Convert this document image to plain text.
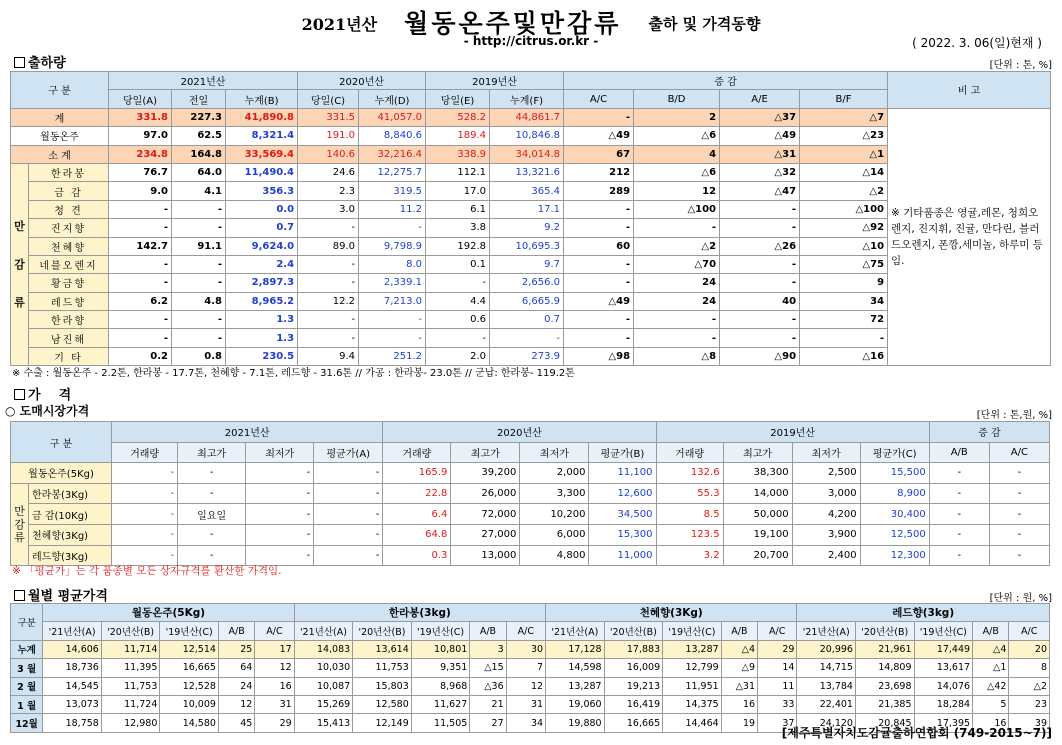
2021년산 월동온주및만감류 출하 및 가격동향
- http://citrus.or.kr -	( 2022. 3. 06(일)현재 )
출하량	[단위 : 톤, %]
구 분		2021년산			2020년산		2019년산		증 감				비 고
		당일(A)	전일	누계(B)	당일(C)	누계(D)	당일(E)	누계(F)	A/C	B/D	A/E	B/F	
계		331.8	227.3	41,890.8	331.5	41,057.0	528.2	44,861.7	-	2	△37	△7	※ 기타품종은 영귤,레몬, 청희오렌지, 진지휘, 진귤, 만다린, 블러드오렌지, 폰깡,세미놀, 하루미 등 임.
월동온주		97.0	62.5	8,321.4	191.0	8,840.6	189.4	10,846.8	△49	△6	△49	△23	
소 계		234.8	164.8	33,569.4	140.6	32,216.4	338.9	34,014.8	67	4	△31	△1	

만
감
류	한라봉	76.7	64.0	11,490.4	24.6	12,275.7	112.1	13,321.6	212	△6	△32	△14	
	금 감	9.0	4.1	356.3	2.3	319.5	17.0	365.4	289	12	△47	△2	
	청 견	-	-	0.0	3.0	11.2	6.1	17.1	-	△100	-	△100	
	진지향	-	-	0.7	-	-	3.8	9.2	-	-	-	△92	
	천혜향	142.7	91.1	9,624.0	89.0	9,798.9	192.8	10,695.3	60	△2	△26	△10	
	네블오렌지	-	-	2.4	-	8.0	0.1	9.7	-	△70	-	△75	
	황금향	-	-	2,897.3	-	2,339.1	-	2,656.0	-	24	-	9	
	레드향	6.2	4.8	8,965.2	12.2	7,213.0	4.4	6,665.9	△49	24	40	34	
	한라향	-	-	1.3	-	-	0.6	0.7	-	-	-	72	
	남진해	-	-	1.3	-	-	-	-	-	-	-	-	
	기 타	0.2	0.8	230.5	9.4	251.2	2.0	273.9	△98	△8	△90	△16	
※ 수출 : 월동온주 - 2.2톤, 한라봉 - 17.7톤, 천혜향 - 7.1톤, 레드향 - 31.6톤 // 가공 : 한라봉- 23.0톤 // 군납: 한라봉- 119.2톤
가    격
○ 도매시장가격	[단위 : 톤,원, %]
구 분		2021년산				2020년산				2019년산				증 감	
		거래량	최고가	최저가	평균가(A)	거래량	최고가	최저가	평균가(B)	거래량	최고가	최저가	평균가(C)	A/B	A/C
월동온주(5Kg)		-	-	-	-	165.9	39,200	2,000	11,100	132.6	38,300	2,500	15,500	-	-

만
감
류	한라봉(3Kg)	-	-	-	-	22.8	26,000	3,300	12,600	55.3	14,000	3,000	8,900	-	-
	금 감(10Kg)	-	일요일	-	-	6.4	72,000	10,200	34,500	8.5	50,000	4,200	30,400	-	-
	천혜향(3Kg)	-	-	-	-	64.8	27,000	6,000	15,300	123.5	19,100	3,900	12,500	-	-
	레드향(3Kg)	-	-	-	-	0.3	13,000	4,800	11,000	3.2	20,700	2,400	12,300	-	-
※ 「평균가」는 각 품종별 모든 상자규격를 환산한 가격임.
월별 평균가격	[단위 : 원, %]
구분	월동온주(5Kg)					한라봉(3kg)					천혜향(3Kg)					레드향(3kg)				
	'21년산(A)	'20년산(B)	'19년산(C)	A/B	A/C	'21년산(A)	'20년산(B)	'19년산(C)	A/B	A/C	'21년산(A)	'20년산(B)	'19년산(C)	A/B	A/C	'21년산(A)	'20년산(B)	'19년산(C)	A/B	A/C
누계	14,606	11,714	12,514	25	17	14,083	13,614	10,801	3	30	17,128	17,883	13,287	△4	29	20,996	21,961	17,449	△4	20
3 월	18,736	11,395	16,665	64	12	10,030	11,753	9,351	△15	7	14,598	16,009	12,799	△9	14	14,715	14,809	13,617	△1	8
2 월	14,545	11,753	12,528	24	16	10,087	15,803	8,968	△36	12	13,287	19,213	11,951	△31	11	13,784	23,698	14,076	△42	△2
1 월	13,073	11,724	10,009	12	31	15,269	12,580	11,627	21	31	19,060	16,419	14,375	16	33	22,401	21,385	18,284	5	23
12월	18,758	12,980	14,580	45	29	15,413	12,149	11,505	27	34	19,880	16,665	14,464	19	37	24,120	20,845	17,395	16	39
[제주특별자치도감귤출하연합회 (749-2015~7)]
